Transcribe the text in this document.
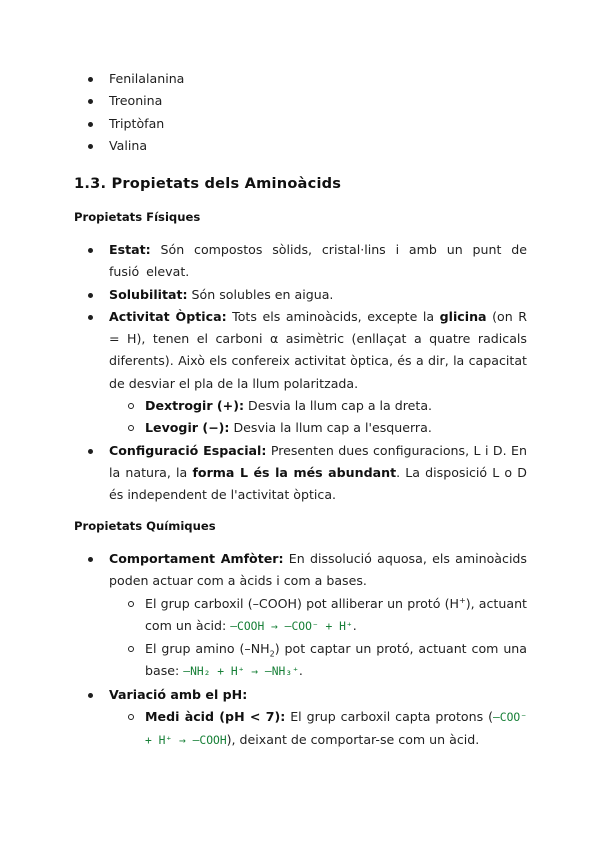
Fenilalanina
Treonina
Triptòfan
Valina
1.3. Propietats dels Aminoàcids
Propietats Físiques
Estat: Són compostos sòlids, cristal·lins i amb un punt de fusió elevat.
Solubilitat: Són solubles en aigua.
Activitat Òptica: Tots els aminoàcids, excepte la glicina (on R = H), tenen el carboni α asimètric (enllaçat a quatre radicals diferents). Això els confereix activitat òptica, és a dir, la capacitat de desviar el pla de la llum polaritzada.
Dextrogir (+): Desvia la llum cap a la dreta.
Levogir (−): Desvia la llum cap a l'esquerra.
Configuració Espacial: Presenten dues configuracions, L i D. En la natura, la forma L és la més abundant. La disposició L o D és independent de l'activitat òptica.
Propietats Químiques
Comportament Amfòter: En dissolució aquosa, els aminoàcids poden actuar com a àcids i com a bases.
El grup carboxil (–COOH) pot alliberar un protó (H+), actuant com un àcid: –COOH → –COO⁻ + H⁺.
El grup amino $(-NH_2)$ pot captar un protó, actuant com una base: –NH₂ + H⁺ → –NH₃⁺.
Variació amb el pH:
Medi àcid (pH < 7): El grup carboxil capta protons (–COO⁻ + H⁺ → –COOH), deixant de comportar-se com un àcid.
